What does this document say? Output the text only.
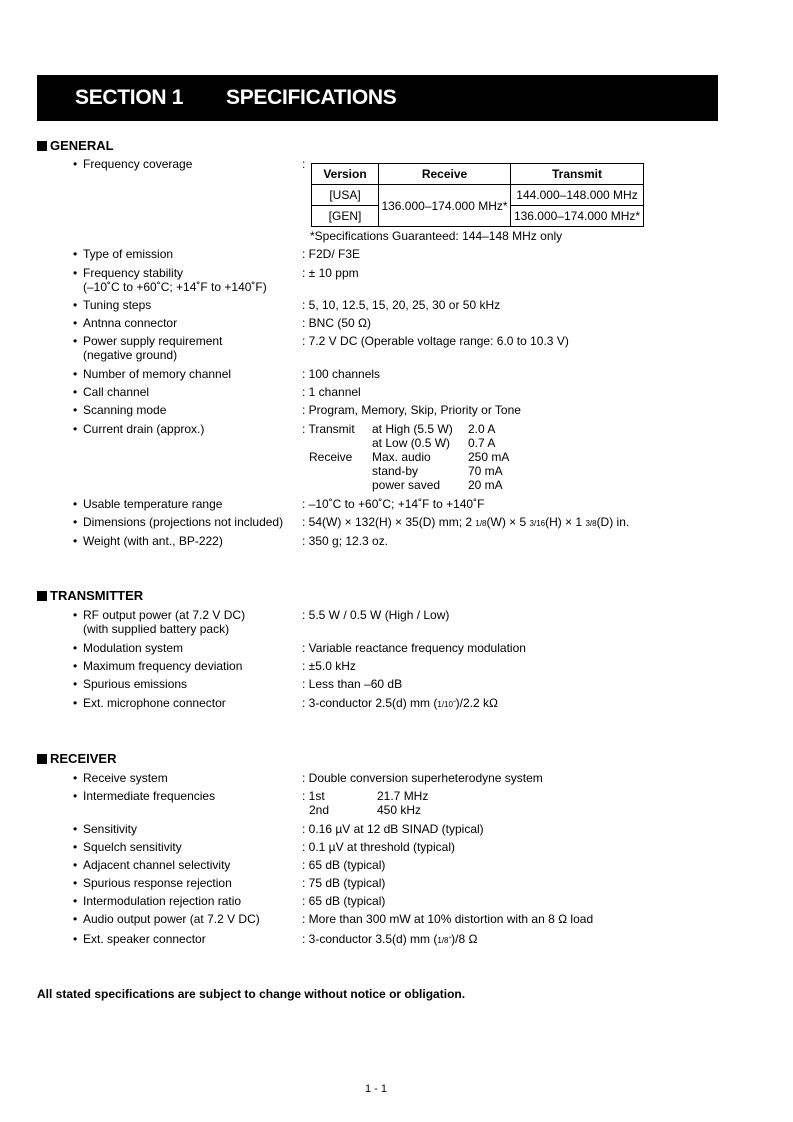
SECTION 1 SPECIFICATIONS
GENERAL
• Frequency coverage	:
Version	Receive	Transmit
[USA]	136.000–174.000 MHz*	144.000–148.000 MHz
[GEN]		136.000–174.000 MHz*
*Specifications Guaranteed: 144–148 MHz only
• Type of emission	: F2D/ F3E
• Frequency stability
(–10˚C to +60˚C; +14˚F to +140˚F)
: ± 10 ppm
• Tuning steps	: 5, 10, 12.5, 15, 20, 25, 30 or 50 kHz
• Antnna connector	: BNC (50 Ω)
• Power supply requirement
(negative ground)
: 7.2 V DC (Operable voltage range: 6.0 to 10.3 V)
• Number of memory channel	: 100 channels
• Call channel	: 1 channel
• Scanning mode	: Program, Memory, Skip, Priority or Tone
• Current drain (approx.)	: Transmit	at High (5.5 W)	2.0 A
	at Low (0.5 W)	0.7 A
Receive	Max. audio	250 mA
	stand-by	70 mA
	power saved	20 mA
• Usable temperature range	: –10˚C to +60˚C; +14˚F to +140˚F
• Dimensions (projections not included) : 54(W) × 132(H) × 35(D) mm; 2 1/8(W) × 5 3/16(H) × 1 3/8(D) in.
• Weight (with ant., BP-222)	: 350 g; 12.3 oz.
TRANSMITTER
• RF output power (at 7.2 V DC)
(with supplied battery pack)
: 5.5 W / 0.5 W (High / Low)
• Modulation system	: Variable reactance frequency modulation
• Maximum frequency deviation	: ±5.0 kHz
• Spurious emissions	: Less than –60 dB
• Ext. microphone connector	: 3-conductor 2.5(d) mm (1/10˝)/2.2 kΩ
RECEIVER
• Receive system	: Double conversion superheterodyne system
• Intermediate frequencies	: 1st	21.7 MHz
2nd	450 kHz
• Sensitivity	: 0.16 µV at 12 dB SINAD (typical)
• Squelch sensitivity	: 0.1 µV at threshold (typical)
• Adjacent channel selectivity	: 65 dB (typical)
• Spurious response rejection	: 75 dB (typical)
• Intermodulation rejection ratio	: 65 dB (typical)
• Audio output power (at 7.2 V DC)	: More than 300 mW at 10% distortion with an 8 Ω load
• Ext. speaker connector	: 3-conductor 3.5(d) mm (1/8˝)/8 Ω
All stated specifications are subject to change without notice or obligation.
1 - 1
